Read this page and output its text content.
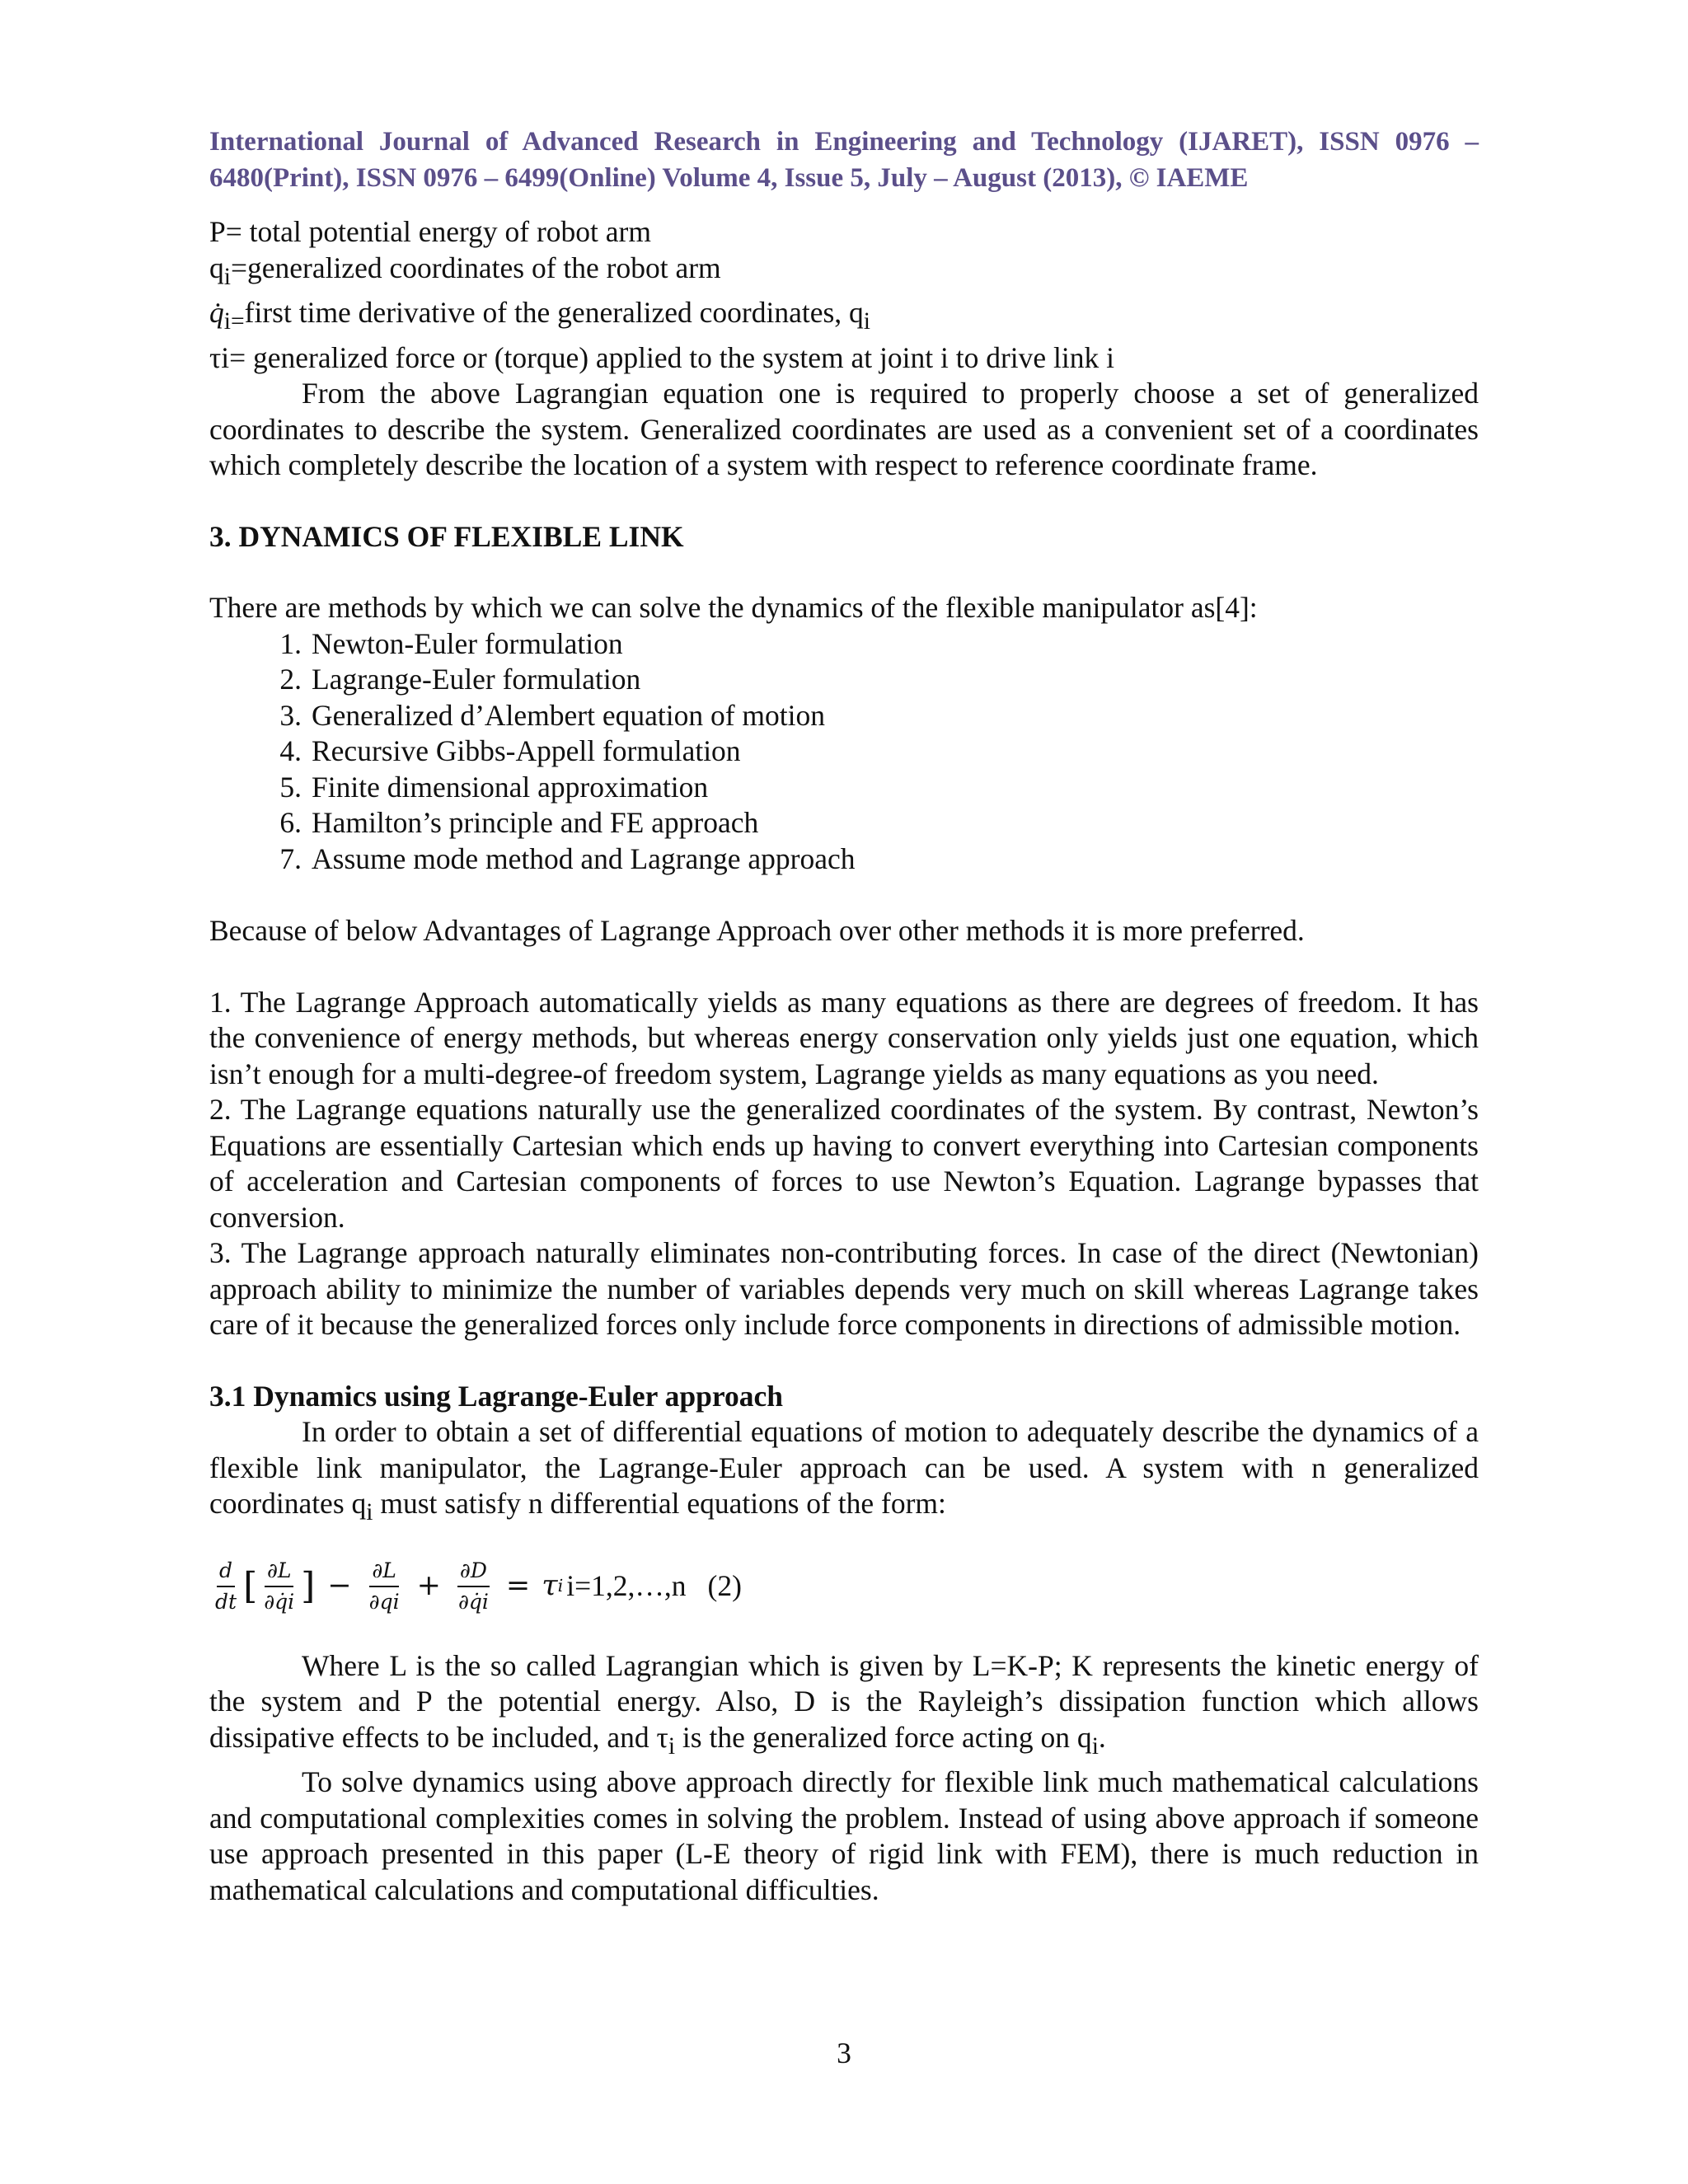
International Journal of Advanced Research in Engineering and Technology (IJARET), ISSN 0976 – 6480(Print), ISSN 0976 – 6499(Online) Volume 4, Issue 5, July – August (2013), © IAEME

P= total potential energy of robot arm

$q_i=generalized$ coordinates of the robot arm

$q̇_{i=}first$ time derivative of the generalized coordinates, $q_i$

τi= generalized force or (torque) applied to the system at joint i to drive link i

From the above Lagrangian equation one is required to properly choose a set of generalized coordinates to describe the system. Generalized coordinates are used as a convenient set of a coordinates which completely describe the location of a system with respect to reference coordinate frame.

3. DYNAMICS OF FLEXIBLE LINK

There are methods by which we can solve the dynamics of the flexible manipulator as[4]:

1. Newton-Euler formulation
2. Lagrange-Euler formulation
3. Generalized d’Alembert equation of motion
4. Recursive Gibbs-Appell formulation
5. Finite dimensional approximation
6. Hamilton’s principle and FE approach
7. Assume mode method and Lagrange approach

Because of below Advantages of Lagrange Approach over other methods it is more preferred.

1. The Lagrange Approach automatically yields as many equations as there are degrees of freedom. It has the convenience of energy methods, but whereas energy conservation only yields just one equation, which isn’t enough for a multi-degree-of freedom system, Lagrange yields as many equations as you need.

2. The Lagrange equations naturally use the generalized coordinates of the system. By contrast, Newton’s Equations are essentially Cartesian which ends up having to convert everything into Cartesian components of acceleration and Cartesian components of forces to use Newton’s Equation. Lagrange bypasses that conversion.

3. The Lagrange approach naturally eliminates non-contributing forces. In case of the direct (Newtonian) approach ability to minimize the number of variables depends very much on skill whereas Lagrange takes care of it because the generalized forces only include force components in directions of admissible motion.

3.1 Dynamics using Lagrange-Euler approach

In order to obtain a set of differential equations of motion to adequately describe the dynamics of a flexible link manipulator, the Lagrange-Euler approach can be used. A system with n generalized coordinates $q_i$ must satisfy n differential equations of the form:

$\frac{d}{dt}$ [ $\frac{\partial L}{\partial q̇i}$ ] − $\frac{\partial L}{\partial qi} + \frac{\partial D}{\partial q̇i} = \tau$ i i=1,2,…,n (2)

Where L is the so called Lagrangian which is given by L=K-P; K represents the kinetic energy of the system and P the potential energy. Also, D is the Rayleigh’s dissipation function which allows dissipative effects to be included, and $\tau_i$ is the generalized force acting on $q_i$.

To solve dynamics using above approach directly for flexible link much mathematical calculations and computational complexities comes in solving the problem. Instead of using above approach if someone use approach presented in this paper (L-E theory of rigid link with FEM), there is much reduction in mathematical calculations and computational difficulties.

3
